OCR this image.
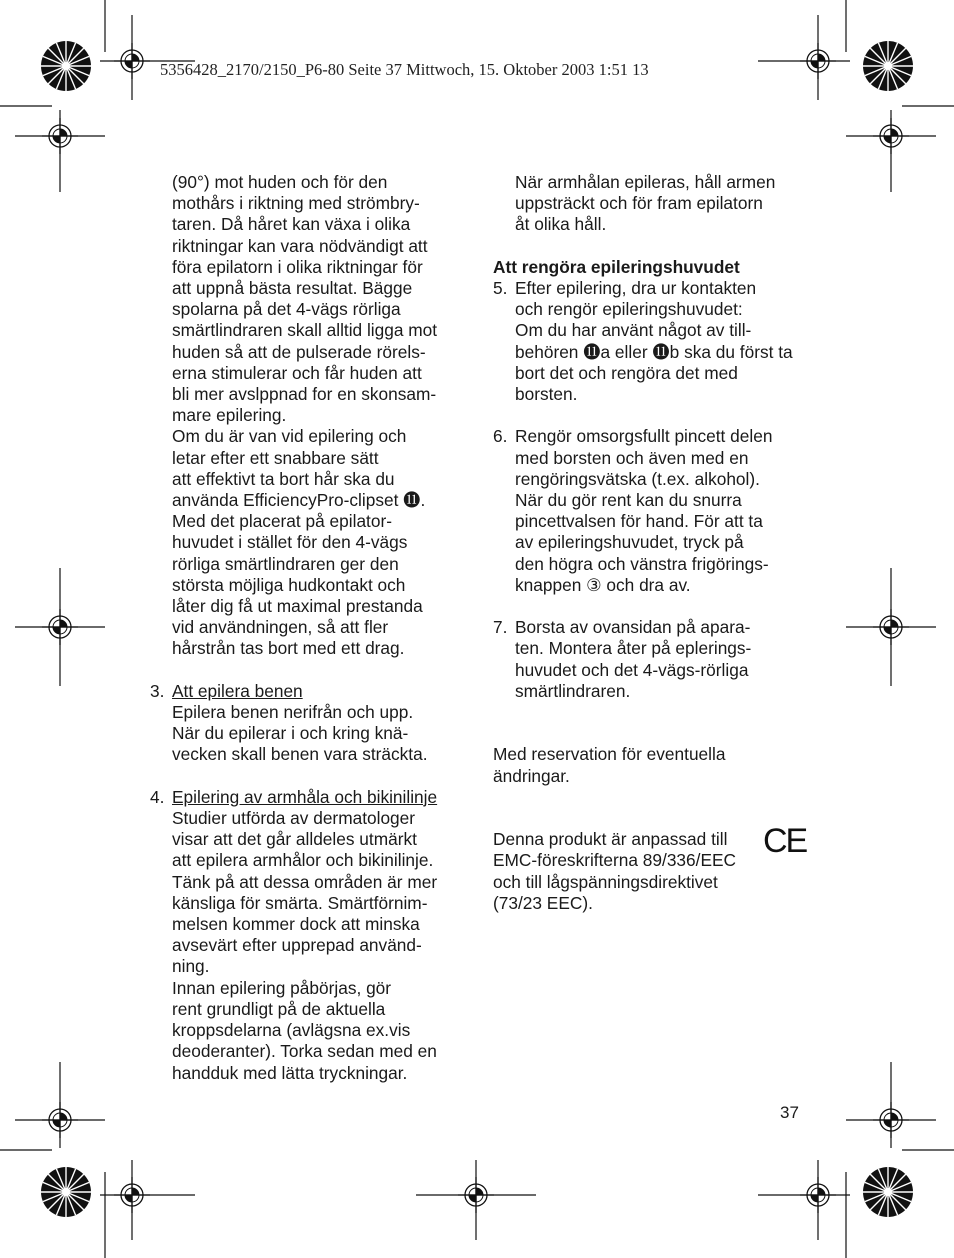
5356428_2170/2150_P6-80 Seite 37 Mittwoch, 15. Oktober 2003 1:51 13

(90°) mot huden och för den

mothårs i riktning med strömbry-

taren. Då håret kan växa i olika

riktningar kan vara nödvändigt att

föra epilatorn i olika riktningar för

att uppnå bästa resultat. Bägge

spolarna på det 4-vägs rörliga

smärtlindraren skall alltid ligga mot

huden så att de pulserade rörels-

erna stimulerar och får huden att

bli mer avslppnad for en skonsam-

mare epilering.

Om du är van vid epilering och

letar efter ett snabbare sätt

att effektivt ta bort hår ska du

använda EfficiencyPro-clipset ⓫.

Med det placerat på epilator-

huvudet i stället för den 4-vägs

rörliga smärtlindraren ger den

största möjliga hudkontakt och

låter dig få ut maximal prestanda

vid användningen, så att fler

hårstrån tas bort med ett drag.

3. Att epilera benen

Epilera benen nerifrån och upp.

När du epilerar i och kring knä-

vecken skall benen vara sträckta.

4. Epilering av armhåla och bikinilinje

Studier utförda av dermatologer

visar att det går alldeles utmärkt

att epilera armhålor och bikinilinje.

Tänk på att dessa områden är mer

känsliga för smärta. Smärtförnim-

melsen kommer dock att minska

avsevärt efter upprepad använd-

ning.

Innan epilering påbörjas, gör

rent grundligt på de aktuella

kroppsdelarna (avlägsna ex.vis

deoderanter). Torka sedan med en

handduk med lätta tryckningar.

När armhålan epileras, håll armen

uppsträckt och för fram epilatorn

åt olika håll.

Att rengöra epileringshuvudet

5. Efter epilering, dra ur kontakten

och rengör epileringshuvudet:

Om du har använt något av till-

behören ⓫a eller ⓫b ska du först ta

bort det och rengöra det med

borsten.

6. Rengör omsorgsfullt pincett delen

med borsten och även med en

rengöringsvätska (t.ex. alkohol).

När du gör rent kan du snurra

pincettvalsen för hand. För att ta

av epileringshuvudet, tryck på

den högra och vänstra frigörings-

knappen ③ och dra av.

7. Borsta av ovansidan på apara-

ten. Montera åter på eplerings-

huvudet och det 4-vägs-rörliga

smärtlindraren.

Med reservation för eventuella

ändringar.

Denna produkt är anpassad till

EMC-föreskrifterna 89/336/EEC

och till lågspänningsdirektivet

(73/23 EEC).

CE
37
